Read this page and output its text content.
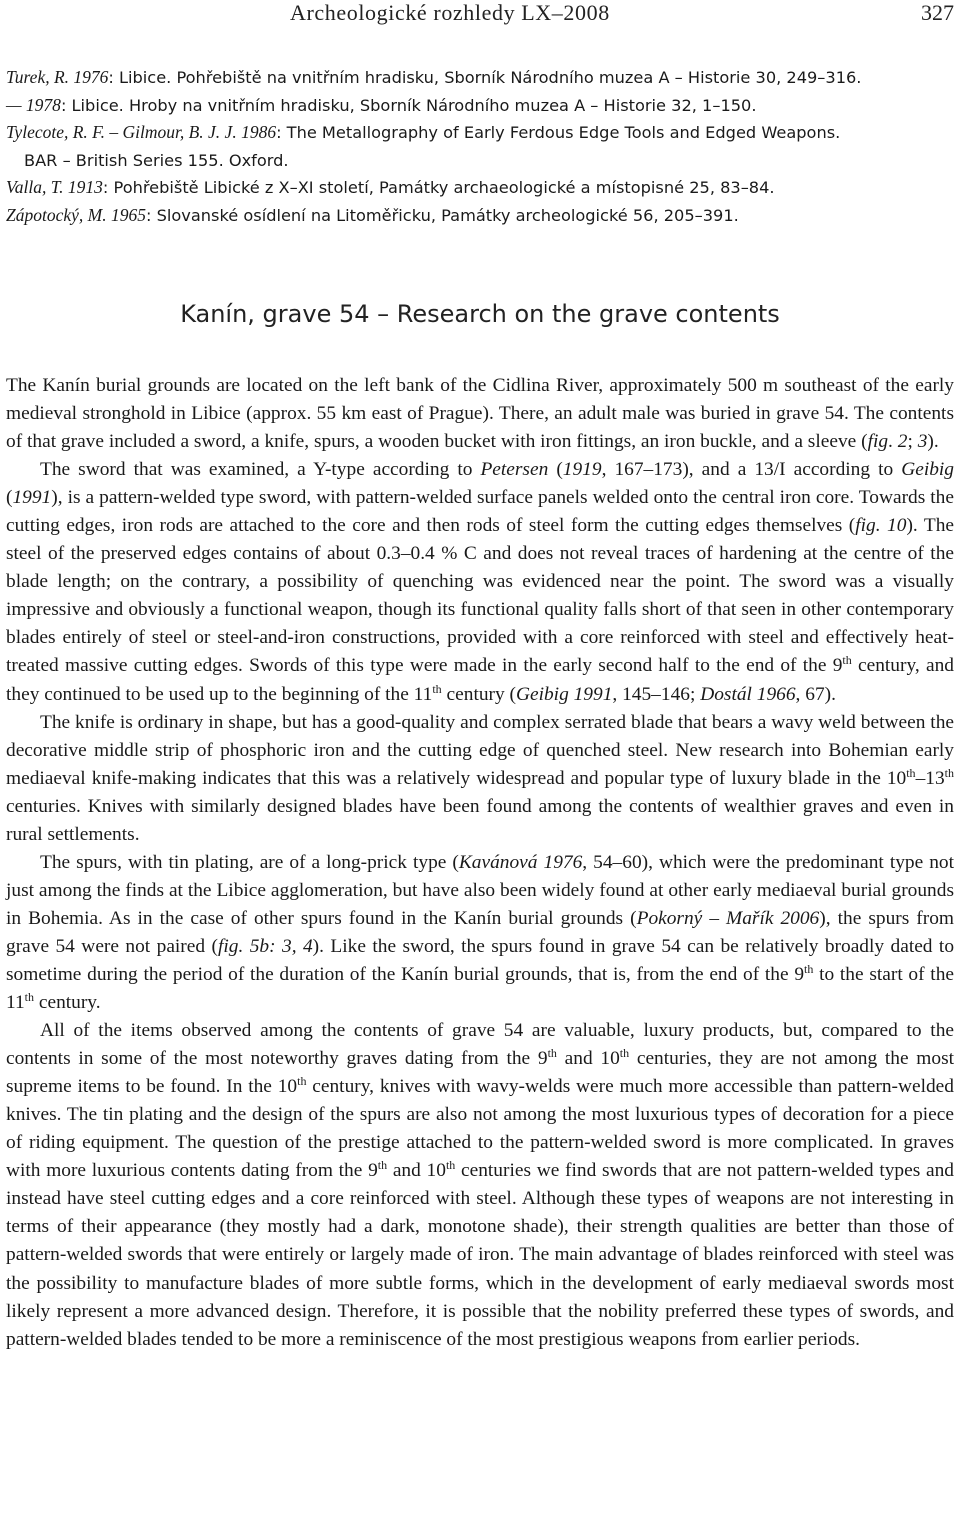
Archeologické rozhledy LX–2008	327
Turek, R. 1976: Libice. Pohřebiště na vnitřním hradisku, Sborník Národního muzea A – Historie 30, 249–316.
— 1978: Libice. Hroby na vnitřním hradisku, Sborník Národního muzea A – Historie 32, 1–150.
Tylecote, R. F. – Gilmour, B. J. J. 1986: The Metallography of Early Ferdous Edge Tools and Edged Weapons.
BAR – British Series 155. Oxford.
Valla, T. 1913: Pohřebiště Libické z X–XI století, Památky archaeologické a místopisné 25, 83–84.
Zápotocký, M. 1965: Slovanské osídlení na Litoměřicku, Památky archeologické 56, 205–391.
Kanín, grave 54 – Research on the grave contents

The Kanín burial grounds are located on the left bank of the Cidlina River, approximately 500 m southeast of the early medieval stronghold in Libice (approx. 55 km east of Prague). There, an adult male was buried in grave 54. The contents of that grave included a sword, a knife, spurs, a wooden bucket with iron fittings, an iron buckle, and a sleeve (fig. 2; 3).

The sword that was examined, a Y-type according to Petersen (1919, 167–173), and a 13/I according to Geibig (1991), is a pattern-welded type sword, with pattern-welded surface panels welded onto the central iron core. Towards the cutting edges, iron rods are attached to the core and then rods of steel form the cutting edges themselves (fig. 10). The steel of the preserved edges contains of about 0.3–0.4 % C and does not reveal traces of hardening at the centre of the blade length; on the contrary, a possibility of quenching was evidenced near the point. The sword was a visually impressive and obviously a functional weapon, though its functional quality falls short of that seen in other contemporary blades entirely of steel or steel-and-iron constructions, provided with a core reinforced with steel and effectively heat-treated massive cutting edges. Swords of this type were made in the early second half to the end of the 9th century, and they continued to be used up to the beginning of the 11th century (Geibig 1991, 145–146; Dostál 1966, 67).

The knife is ordinary in shape, but has a good-quality and complex serrated blade that bears a wavy weld between the decorative middle strip of phosphoric iron and the cutting edge of quenched steel. New research into Bohemian early mediaeval knife-making indicates that this was a relatively widespread and popular type of luxury blade in the 10th–13th centuries. Knives with similarly designed blades have been found among the contents of wealthier graves and even in rural settlements.

The spurs, with tin plating, are of a long-prick type (Kavánová 1976, 54–60), which were the predominant type not just among the finds at the Libice agglomeration, but have also been widely found at other early mediaeval burial grounds in Bohemia. As in the case of other spurs found in the Kanín burial grounds (Pokorný – Mařík 2006), the spurs from grave 54 were not paired (fig. 5b: 3, 4). Like the sword, the spurs found in grave 54 can be relatively broadly dated to sometime during the period of the duration of the Kanín burial grounds, that is, from the end of the 9th to the start of the 11th century.

All of the items observed among the contents of grave 54 are valuable, luxury products, but, compared to the contents in some of the most noteworthy graves dating from the 9th and 10th centuries, they are not among the most supreme items to be found. In the 10th century, knives with wavy-welds were much more accessible than pattern-welded knives. The tin plating and the design of the spurs are also not among the most luxurious types of decoration for a piece of riding equipment. The question of the prestige attached to the pattern-welded sword is more complicated. In graves with more luxurious contents dating from the 9th and 10th centuries we find swords that are not pattern-welded types and instead have steel cutting edges and a core reinforced with steel. Although these types of weapons are not interesting in terms of their appearance (they mostly had a dark, monotone shade), their strength qualities are better than those of pattern-welded swords that were entirely or largely made of iron. The main advantage of blades reinforced with steel was the possibility to manufacture blades of more subtle forms, which in the development of early mediaeval swords most likely represent a more advanced design. Therefore, it is possible that the nobility preferred these types of swords, and pattern-welded blades tended to be more a reminiscence of the most prestigious weapons from earlier periods.
